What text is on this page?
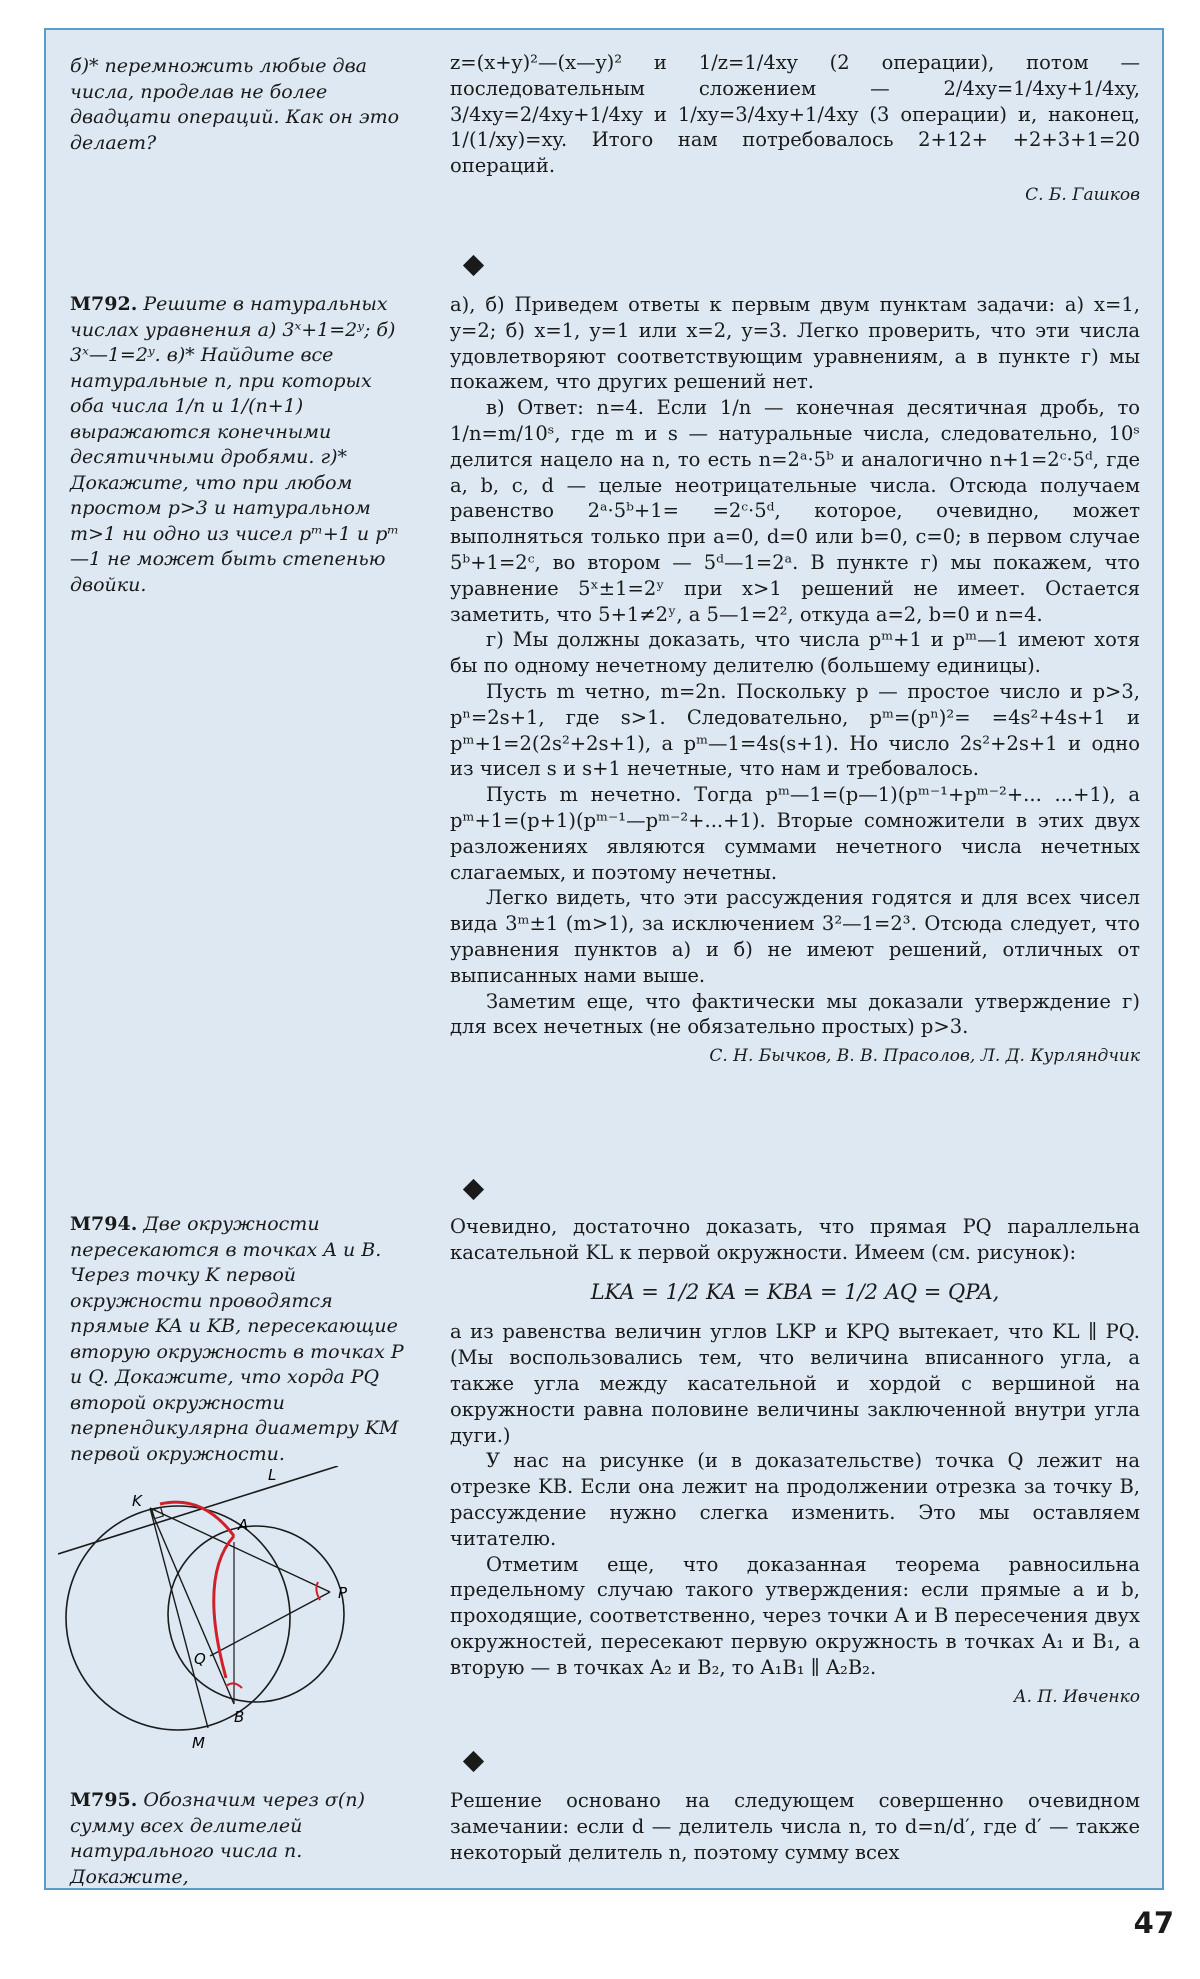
б)* перемножить любые два числа, проделав не более двадцати операций. Как он это делает?

z=(x+y)²—(x—y)² и 1/z=1/4xy (2 операции), потом — последовательным сложением — 2/4xy=1/4xy+1/4xy, 3/4xy=2/4xy+1/4xy и 1/xy=3/4xy+1/4xy (3 операции) и, наконец, 1/(1/xy)=xy. Итого нам потребовалось 2+12+ +2+3+1=20 операций.

С. Б. Гашков
M792. Решите в натуральных числах уравнения а) 3ˣ+1=2ʸ; б) 3ˣ—1=2ʸ. в)* Найдите все натуральные n, при которых оба числа 1/n и 1/(n+1) выражаются конечными десятичными дробями. г)* Докажите, что при любом простом p>3 и натуральном m>1 ни одно из чисел pᵐ+1 и pᵐ—1 не может быть степенью двойки.

а), б) Приведем ответы к первым двум пунктам задачи: а) x=1, y=2; б) x=1, y=1 или x=2, y=3. Легко проверить, что эти числа удовлетворяют соответствующим уравнениям, а в пункте г) мы покажем, что других решений нет.

в) Ответ: n=4. Если 1/n — конечная десятичная дробь, то 1/n=m/10ˢ, где m и s — натуральные числа, следовательно, 10ˢ делится нацело на n, то есть n=2ᵃ·5ᵇ и аналогично n+1=2ᶜ·5ᵈ, где a, b, c, d — целые неотрицательные числа. Отсюда получаем равенство 2ᵃ·5ᵇ+1= =2ᶜ·5ᵈ, которое, очевидно, может выполняться только при a=0, d=0 или b=0, c=0; в первом случае 5ᵇ+1=2ᶜ, во втором — 5ᵈ—1=2ᵃ. В пункте г) мы покажем, что уравнение 5ˣ±1=2ʸ при x>1 решений не имеет. Остается заметить, что 5+1≠2ʸ, а 5—1=2², откуда a=2, b=0 и n=4.

г) Мы должны доказать, что числа pᵐ+1 и pᵐ—1 имеют хотя бы по одному нечетному делителю (большему единицы).

Пусть m четно, m=2n. Поскольку p — простое число и p>3, pⁿ=2s+1, где s>1. Следовательно, pᵐ=(pⁿ)²= =4s²+4s+1 и pᵐ+1=2(2s²+2s+1), а pᵐ—1=4s(s+1). Но число 2s²+2s+1 и одно из чисел s и s+1 нечетные, что нам и требовалось.

Пусть m нечетно. Тогда pᵐ—1=(p—1)(pᵐ⁻¹+pᵐ⁻²+... ...+1), а pᵐ+1=(p+1)(pᵐ⁻¹—pᵐ⁻²+...+1). Вторые сомножители в этих двух разложениях являются суммами нечетного числа нечетных слагаемых, и поэтому нечетны.

Легко видеть, что эти рассуждения годятся и для всех чисел вида 3ᵐ±1 (m>1), за исключением 3²—1=2³. Отсюда следует, что уравнения пунктов а) и б) не имеют решений, отличных от выписанных нами выше.

Заметим еще, что фактически мы доказали утверждение г) для всех нечетных (не обязательно простых) p>3.

С. Н. Бычков, В. В. Прасолов, Л. Д. Курляндчик
M794. Две окружности пересекаются в точках A и B. Через точку K первой окружности проводятся прямые KA и KB, пересекающие вторую окружность в точках P и Q. Докажите, что хорда PQ второй окружности перпендикулярна диаметру KM первой окружности.

Очевидно, достаточно доказать, что прямая PQ параллельна касательной KL к первой окружности. Имеем (см. рисунок):

LKA = 1/2 KA = KBA = 1/2 AQ = QPA,

а из равенства величин углов LKP и KPQ вытекает, что KL ∥ PQ. (Мы воспользовались тем, что величина вписанного угла, а также угла между касательной и хордой с вершиной на окружности равна половине величины заключенной внутри угла дуги.)

У нас на рисунке (и в доказательстве) точка Q лежит на отрезке KB. Если она лежит на продолжении отрезка за точку B, рассуждение нужно слегка изменить. Это мы оставляем читателю.

Отметим еще, что доказанная теорема равносильна предельному случаю такого утверждения: если прямые a и b, проходящие, соответственно, через точки A и B пересечения двух окружностей, пересекают первую окружность в точках A₁ и B₁, а вторую — в точках A₂ и B₂, то A₁B₁ ∥ A₂B₂.

А. П. Ивченко
L
K
A
P
Q
B
M
M795. Обозначим через σ(n) сумму всех делителей натурального числа n. Докажите,

Решение основано на следующем совершенно очевидном замечании: если d — делитель числа n, то d=n/d′, где d′ — также некоторый делитель n, поэтому сумму всех

47
